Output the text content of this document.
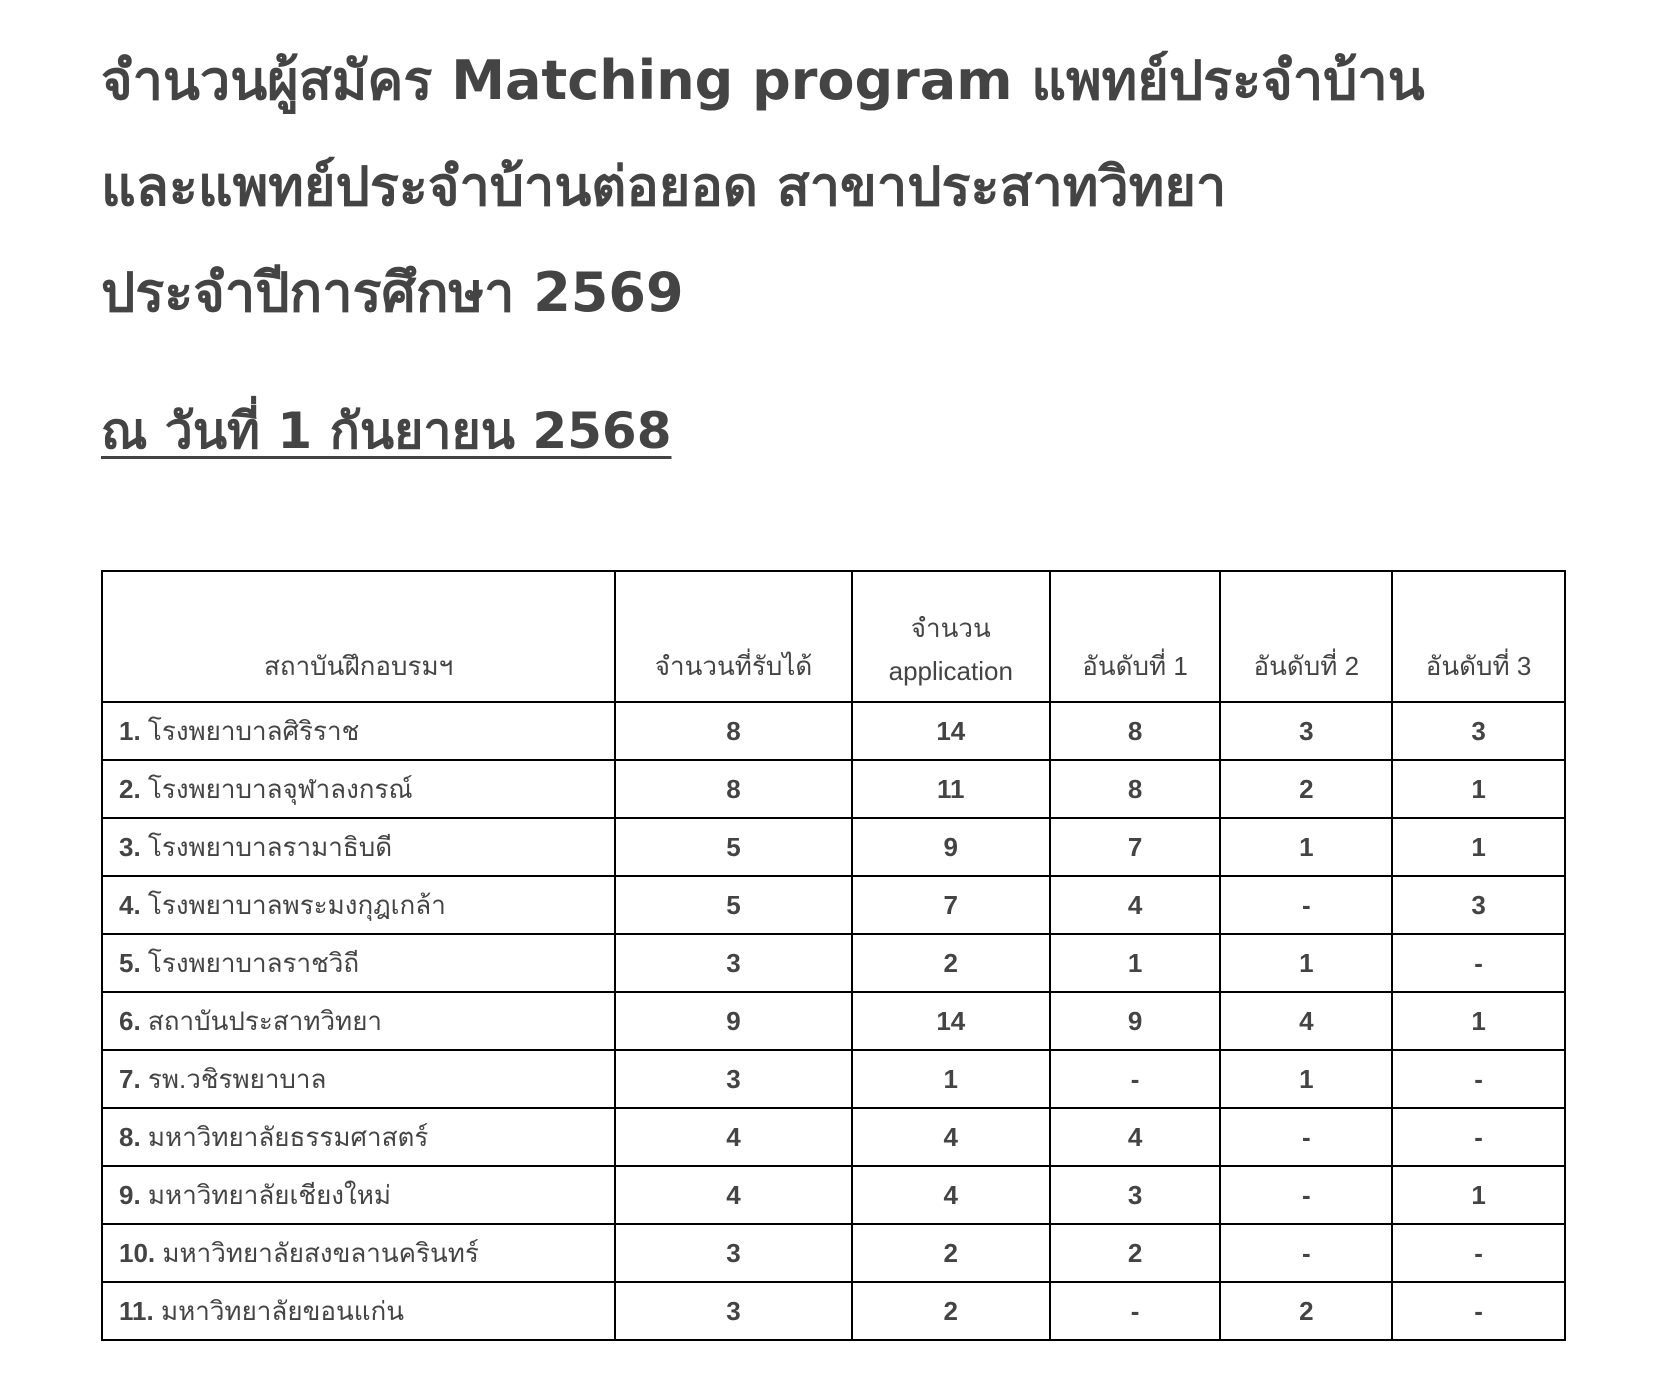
จำนวนผู้สมัคร Matching program แพทย์ประจำบ้าน
และแพทย์ประจำบ้านต่อยอด สาขาประสาทวิทยา
ประจำปีการศึกษา 2569
ณ วันที่ 1 กันยายน 2568
สถาบันฝึกอบรมฯ	จำนวนที่รับได้	จำนวน
application	อันดับที่ 1	อันดับที่ 2	อันดับที่ 3
1. โรงพยาบาลศิริราช	8	14	8	3	3
2. โรงพยาบาลจุฬาลงกรณ์	8	11	8	2	1
3. โรงพยาบาลรามาธิบดี	5	9	7	1	1
4. โรงพยาบาลพระมงกุฎเกล้า	5	7	4	-	3
5. โรงพยาบาลราชวิถี	3	2	1	1	-
6. สถาบันประสาทวิทยา	9	14	9	4	1
7. รพ.วชิรพยาบาล	3	1	-	1	-
8. มหาวิทยาลัยธรรมศาสตร์	4	4	4	-	-
9. มหาวิทยาลัยเชียงใหม่	4	4	3	-	1
10. มหาวิทยาลัยสงขลานครินทร์	3	2	2	-	-
11. มหาวิทยาลัยขอนแก่น	3	2	-	2	-
